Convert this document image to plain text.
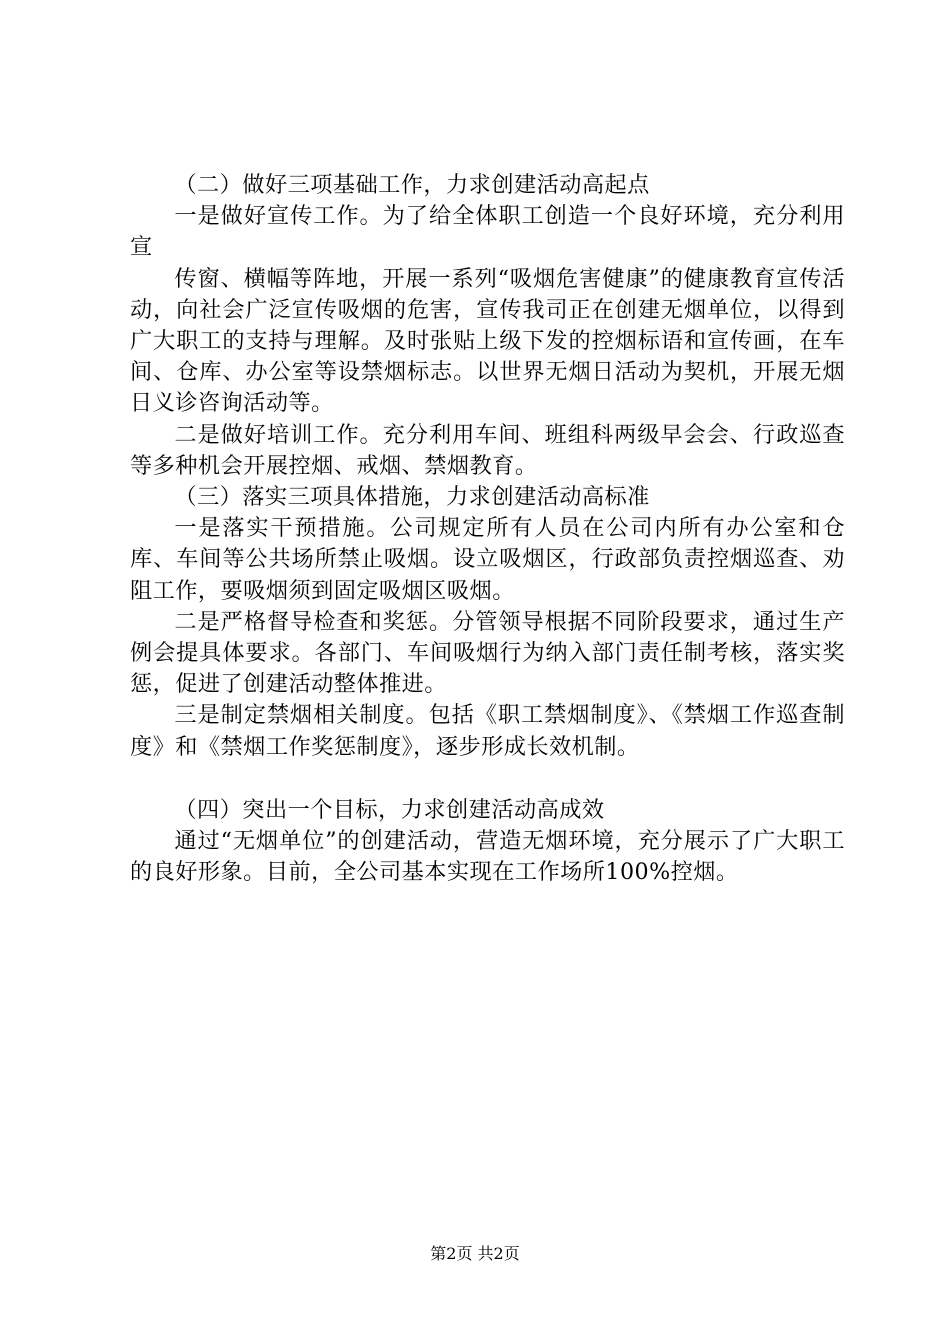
（二）做好三项基础工作，力求创建活动高起点

一是做好宣传工作。为了给全体职工创造一个良好环境，充分利用宣

传窗、横幅等阵地，开展一系列“吸烟危害健康”的健康教育宣传活动，向社会广泛宣传吸烟的危害，宣传我司正在创建无烟单位，以得到广大职工的支持与理解。及时张贴上级下发的控烟标语和宣传画，在车间、仓库、办公室等设禁烟标志。以世界无烟日活动为契机，开展无烟日义诊咨询活动等。

二是做好培训工作。充分利用车间、班组科两级早会会、行政巡查等多种机会开展控烟、戒烟、禁烟教育。

（三）落实三项具体措施，力求创建活动高标准

一是落实干预措施。公司规定所有人员在公司内所有办公室和仓库、车间等公共场所禁止吸烟。设立吸烟区，行政部负责控烟巡查、劝阻工作，要吸烟须到固定吸烟区吸烟。

二是严格督导检查和奖惩。分管领导根据不同阶段要求，通过生产例会提具体要求。各部门、车间吸烟行为纳入部门责任制考核，落实奖惩，促进了创建活动整体推进。

三是制定禁烟相关制度。包括《职工禁烟制度》、《禁烟工作巡查制度》和《禁烟工作奖惩制度》，逐步形成长效机制。

（四）突出一个目标，力求创建活动高成效

通过“无烟单位”的创建活动，营造无烟环境，充分展示了广大职工的良好形象。目前，全公司基本实现在工作场所100%控烟。

第2页 共2页
